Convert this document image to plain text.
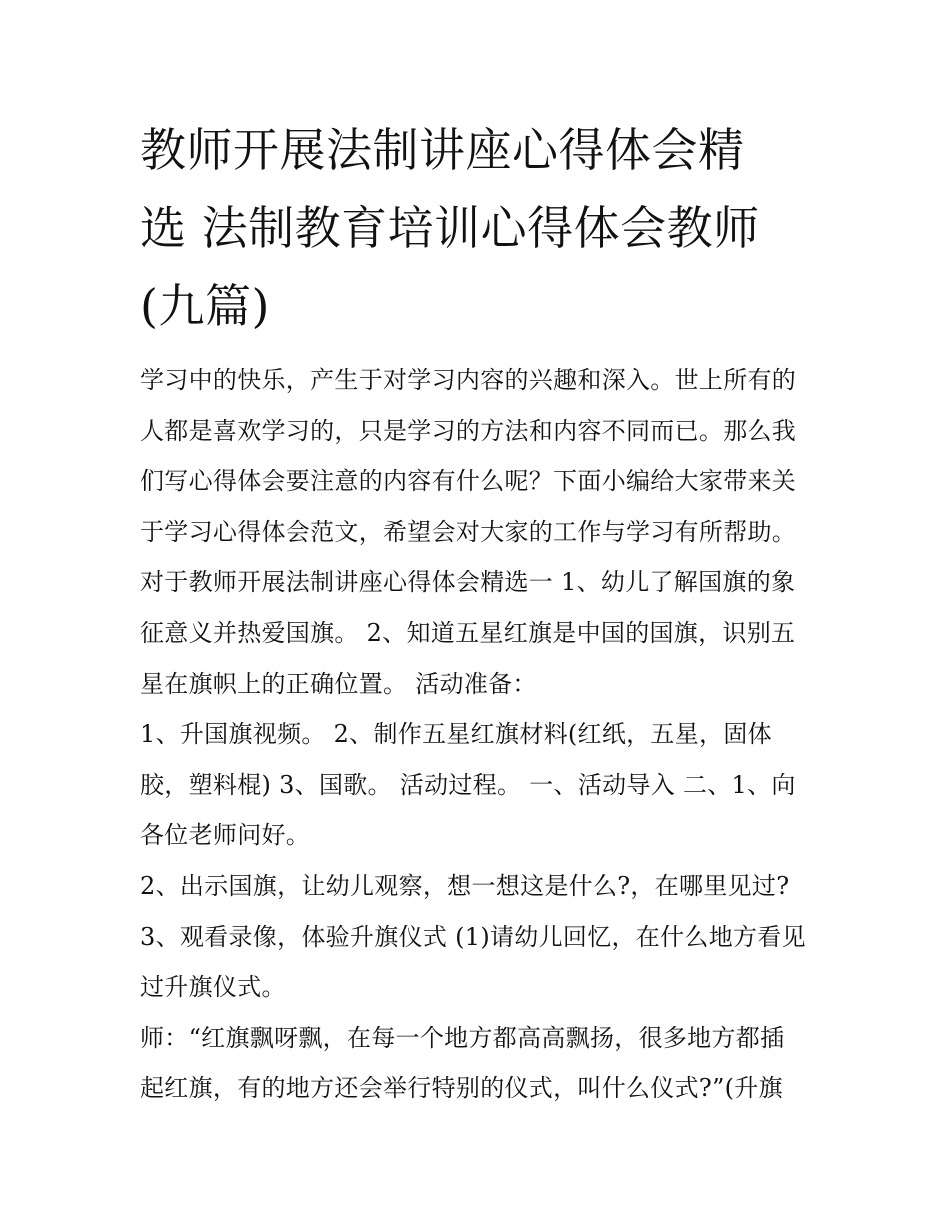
教师开展法制讲座心得体会精
选 法制教育培训心得体会教师
(九篇)
学习中的快乐，产生于对学习内容的兴趣和深入。世上所有的
人都是喜欢学习的，只是学习的方法和内容不同而已。那么我
们写心得体会要注意的内容有什么呢？下面小编给大家带来关
于学习心得体会范文，希望会对大家的工作与学习有所帮助。
对于教师开展法制讲座心得体会精选一 1、幼儿了解国旗的象
征意义并热爱国旗。 2、知道五星红旗是中国的国旗，识别五
星在旗帜上的正确位置。 活动准备：
1、升国旗视频。 2、制作五星红旗材料(红纸，五星，固体
胶，塑料棍) 3、国歌。 活动过程。 一、活动导入 二、1、向
各位老师问好。
2、出示国旗，让幼儿观察，想一想这是什么?，在哪里见过?
3、观看录像，体验升旗仪式 (1)请幼儿回忆，在什么地方看见
过升旗仪式。
师：“红旗飘呀飘，在每一个地方都高高飘扬，很多地方都插
起红旗，有的地方还会举行特别的仪式，叫什么仪式?”(升旗
